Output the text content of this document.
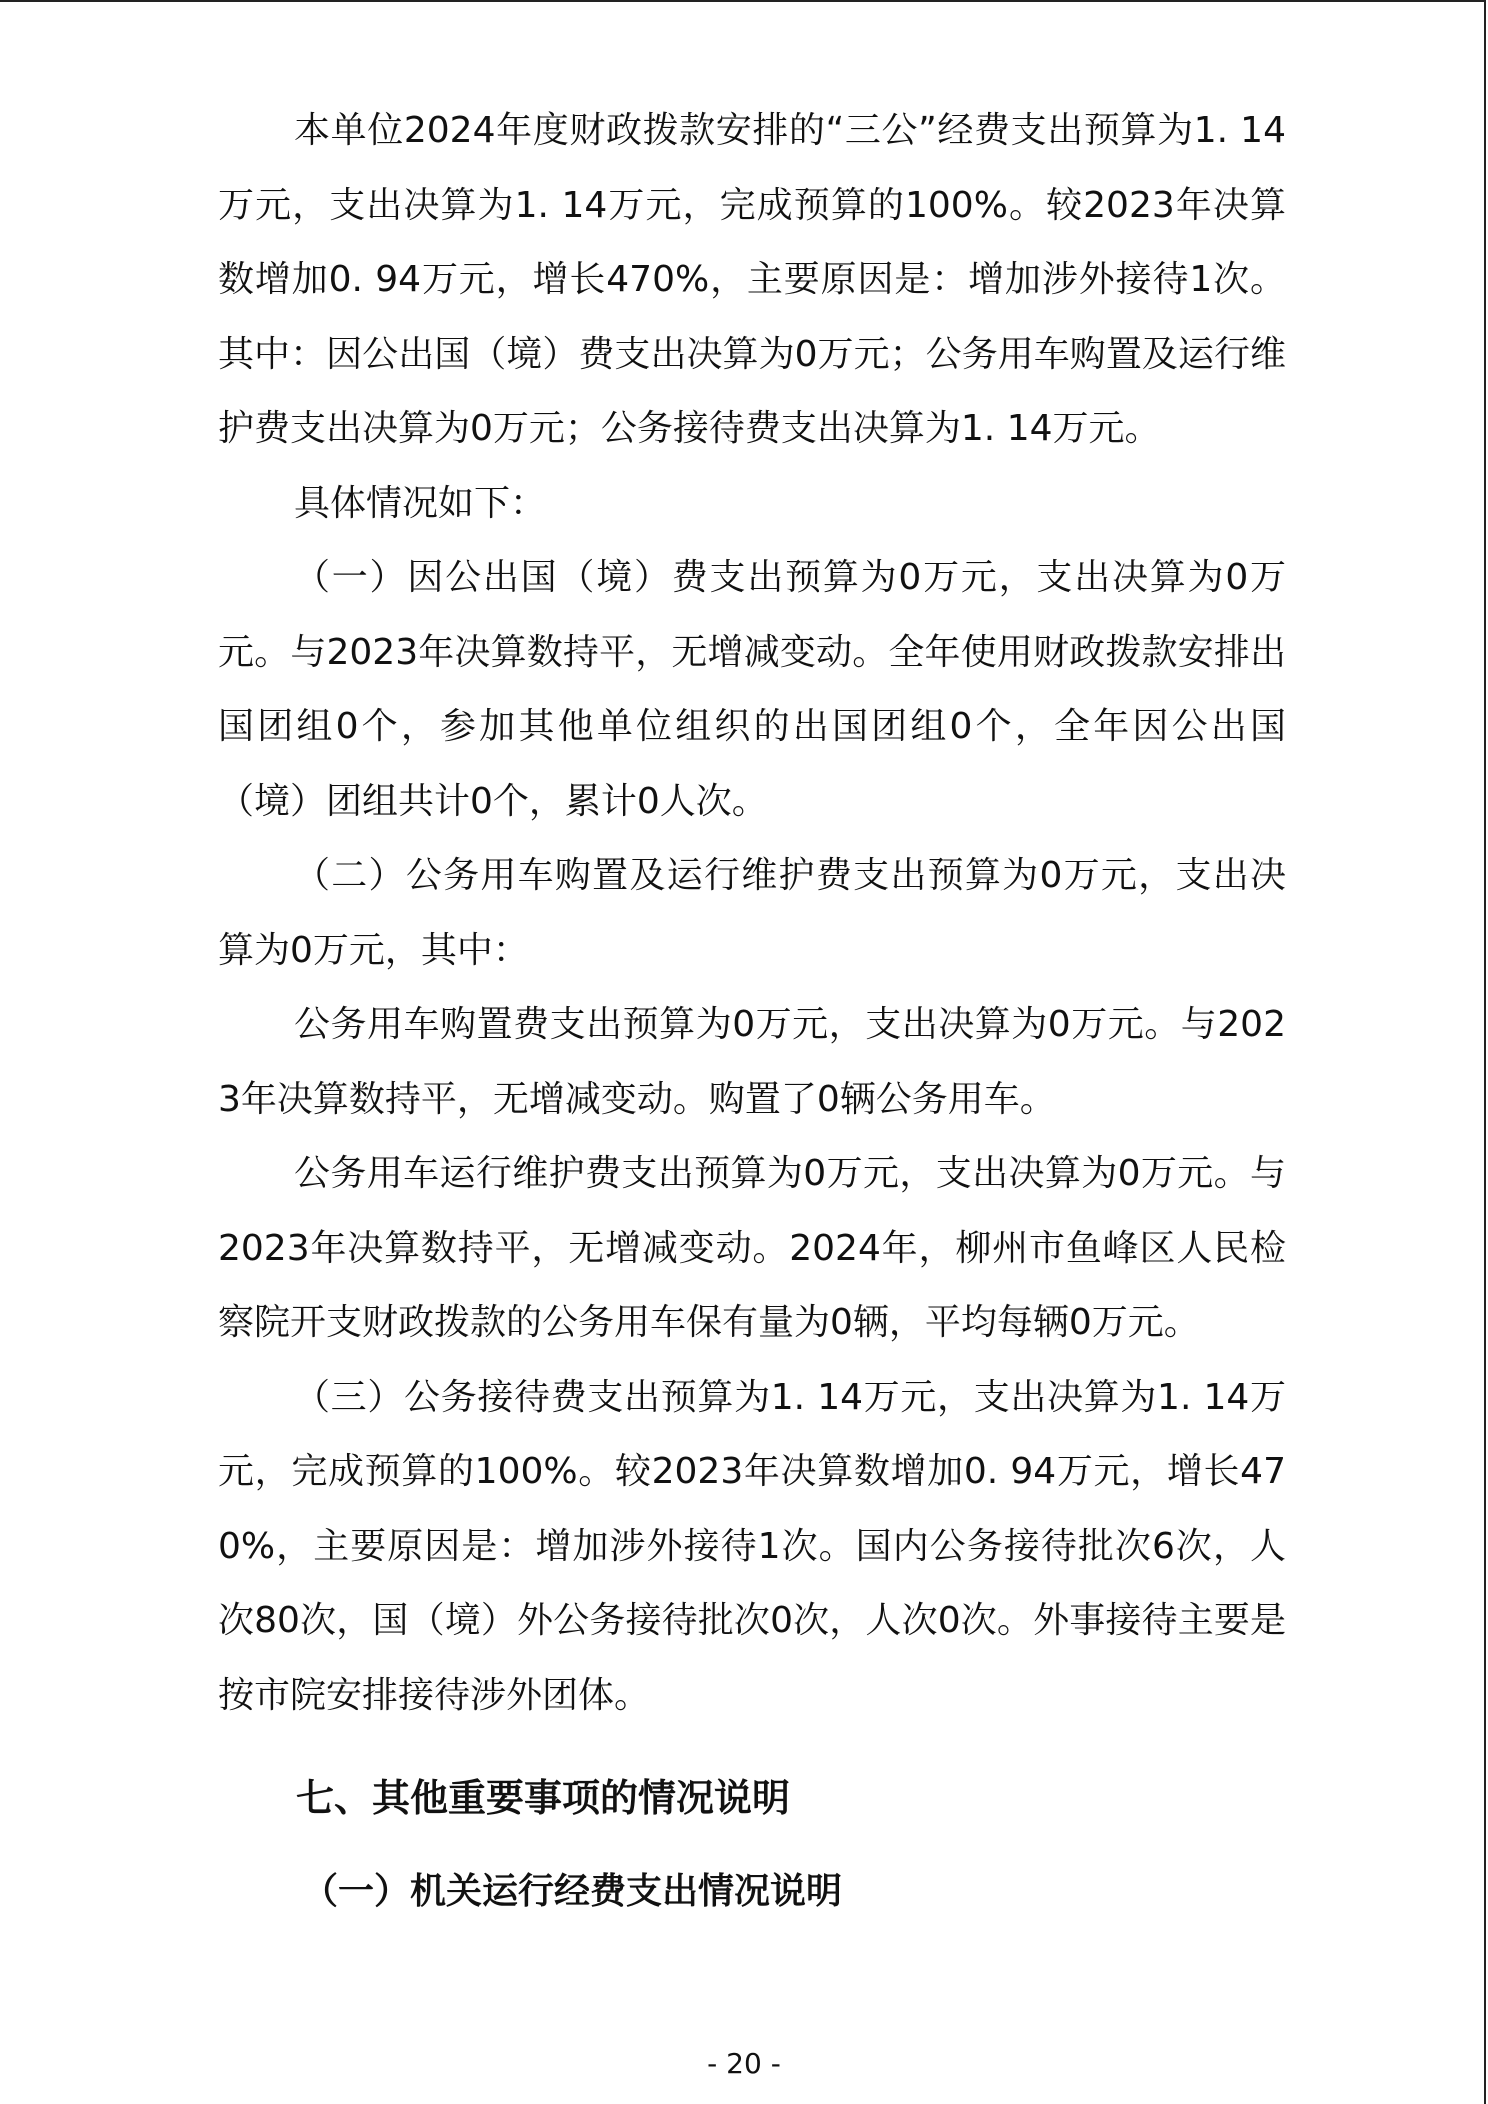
本单位2024年度财政拨款安排的“三公”经费支出预算为1. 14万元，支出决算为1. 14万元，完成预算的100%。较2023年决算数增加0. 94万元，增长470%，主要原因是：增加涉外接待1次。其中：因公出国（境）费支出决算为0万元；公务用车购置及运行维护费支出决算为0万元；公务接待费支出决算为1. 14万元。

具体情况如下：

（一）因公出国（境）费支出预算为0万元，支出决算为0万元。与2023年决算数持平，无增减变动。全年使用财政拨款安排出国团组0个，参加其他单位组织的出国团组0个，全年因公出国（境）团组共计0个，累计0人次。

（二）公务用车购置及运行维护费支出预算为0万元，支出决算为0万元，其中：

公务用车购置费支出预算为0万元，支出决算为0万元。与2023年决算数持平，无增减变动。购置了0辆公务用车。

公务用车运行维护费支出预算为0万元，支出决算为0万元。与2023年决算数持平，无增减变动。2024年，柳州市鱼峰区人民检察院开支财政拨款的公务用车保有量为0辆，平均每辆0万元。

（三）公务接待费支出预算为1. 14万元，支出决算为1. 14万元，完成预算的100%。较2023年决算数增加0. 94万元，增长470%，主要原因是：增加涉外接待1次。国内公务接待批次6次，人次80次，国（境）外公务接待批次0次，人次0次。外事接待主要是按市院安排接待涉外团体。

七、其他重要事项的情况说明
（一）机关运行经费支出情况说明
- 20 -
